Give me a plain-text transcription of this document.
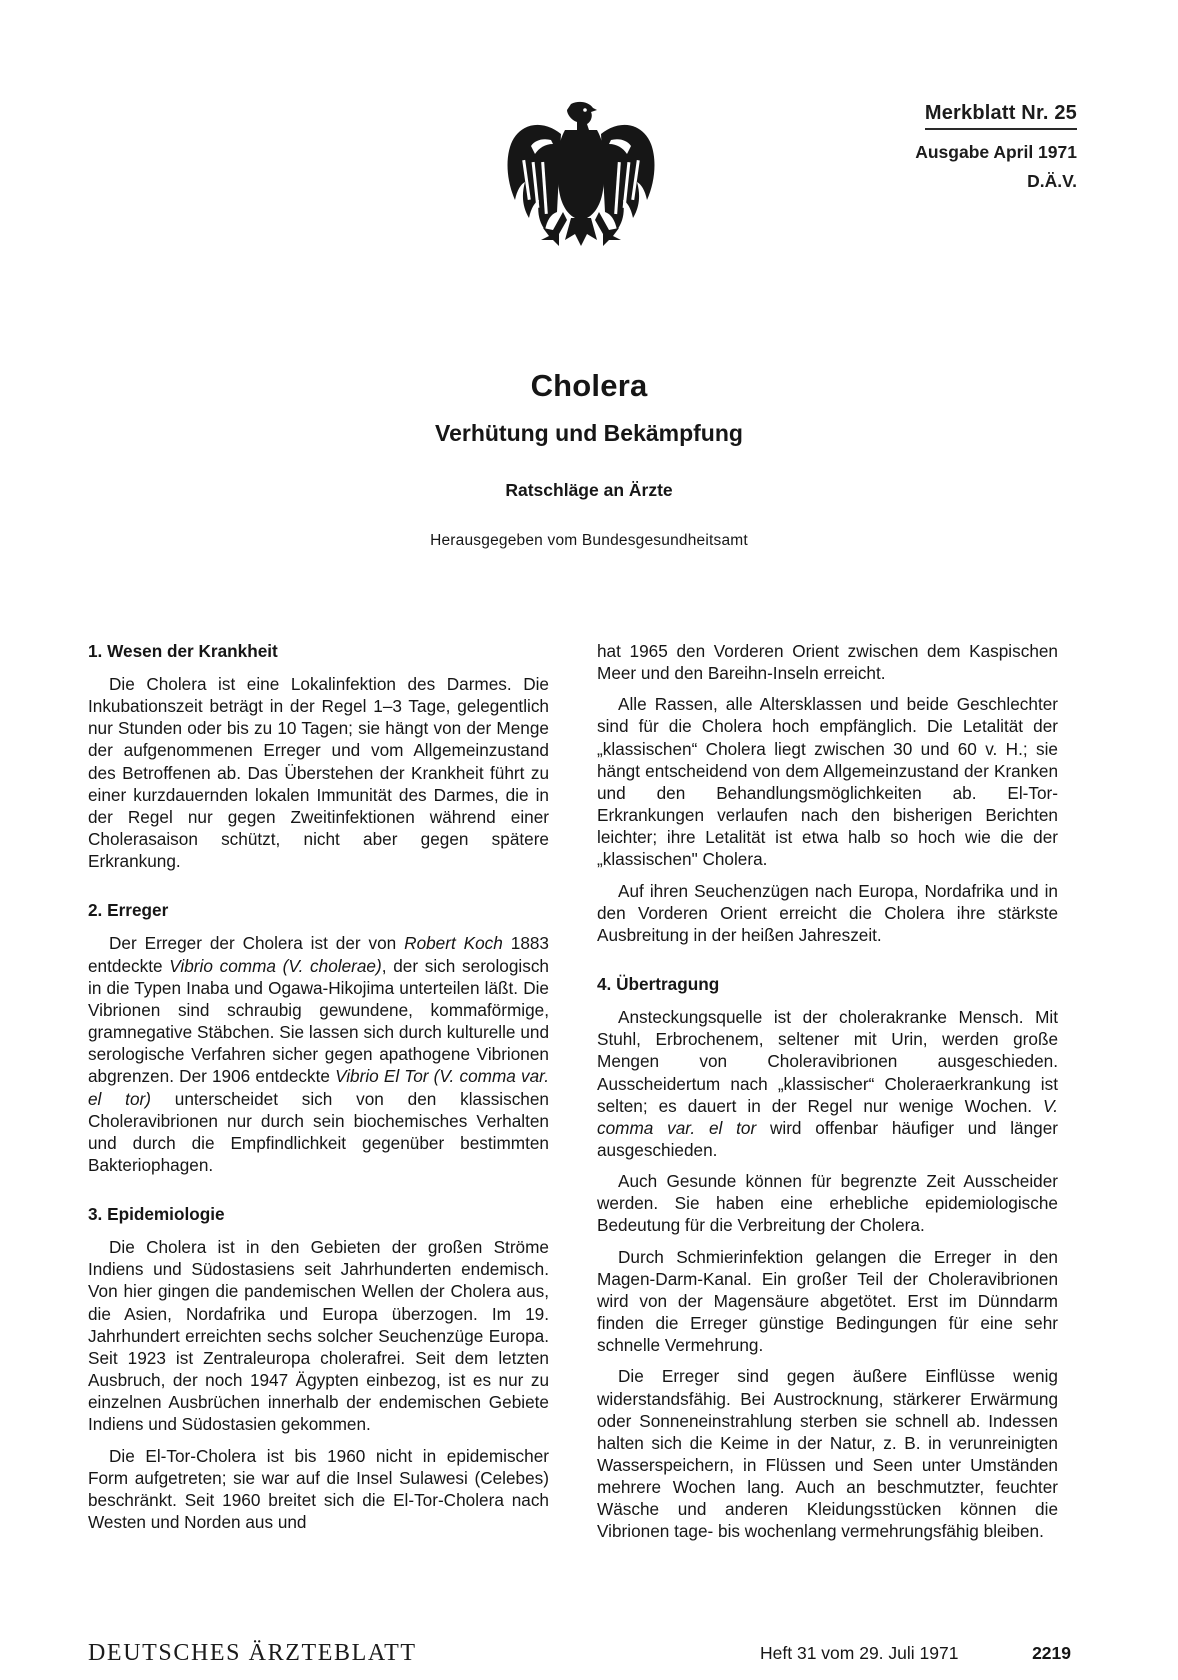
Merkblatt Nr. 25
Ausgabe April 1971
D.Ä.V.
Cholera
Verhütung und Bekämpfung
Ratschläge an Ärzte
Herausgegeben vom Bundesgesundheitsamt
1. Wesen der Krankheit

Die Cholera ist eine Lokalinfektion des Darmes. Die Inkubationszeit beträgt in der Regel 1–3 Tage, gelegentlich nur Stunden oder bis zu 10 Tagen; sie hängt von der Menge der aufgenommenen Erreger und vom Allgemeinzustand des Betroffenen ab. Das Überstehen der Krankheit führt zu einer kurzdauernden lokalen Immunität des Darmes, die in der Regel nur gegen Zweitinfektionen während einer Cholerasaison schützt, nicht aber gegen spätere Erkrankung.

2. Erreger

Der Erreger der Cholera ist der von Robert Koch 1883 entdeckte Vibrio comma (V. cholerae), der sich serologisch in die Typen Inaba und Ogawa-Hikojima unterteilen läßt. Die Vibrionen sind schraubig gewundene, kommaförmige, gramnegative Stäbchen. Sie lassen sich durch kulturelle und serologische Verfahren sicher gegen apathogene Vibrionen abgrenzen. Der 1906 entdeckte Vibrio El Tor (V. comma var. el tor) unterscheidet sich von den klassischen Choleravibrionen nur durch sein biochemisches Verhalten und durch die Empfindlichkeit gegenüber bestimmten Bakteriophagen.

3. Epidemiologie

Die Cholera ist in den Gebieten der großen Ströme Indiens und Südostasiens seit Jahrhunderten endemisch. Von hier gingen die pandemischen Wellen der Cholera aus, die Asien, Nordafrika und Europa überzogen. Im 19. Jahrhundert erreichten sechs solcher Seuchenzüge Europa. Seit 1923 ist Zentraleuropa cholerafrei. Seit dem letzten Ausbruch, der noch 1947 Ägypten einbezog, ist es nur zu einzelnen Ausbrüchen innerhalb der endemischen Gebiete Indiens und Südostasien gekommen.

Die El-Tor-Cholera ist bis 1960 nicht in epidemischer Form aufgetreten; sie war auf die Insel Sulawesi (Celebes) beschränkt. Seit 1960 breitet sich die El-Tor-Cholera nach Westen und Norden aus und

hat 1965 den Vorderen Orient zwischen dem Kaspischen Meer und den Bareihn-Inseln erreicht.

Alle Rassen, alle Altersklassen und beide Geschlechter sind für die Cholera hoch empfänglich. Die Letalität der „klassischen“ Cholera liegt zwischen 30 und 60 v. H.; sie hängt entscheidend von dem Allgemeinzustand der Kranken und den Behandlungsmöglichkeiten ab. El-Tor-Erkrankungen verlaufen nach den bisherigen Berichten leichter; ihre Letalität ist etwa halb so hoch wie die der „klassischen" Cholera.

Auf ihren Seuchenzügen nach Europa, Nordafrika und in den Vorderen Orient erreicht die Cholera ihre stärkste Ausbreitung in der heißen Jahreszeit.

4. Übertragung

Ansteckungsquelle ist der cholerakranke Mensch. Mit Stuhl, Erbrochenem, seltener mit Urin, werden große Mengen von Choleravibrionen ausgeschieden. Ausscheidertum nach „klassischer“ Choleraerkrankung ist selten; es dauert in der Regel nur wenige Wochen. V. comma var. el tor wird offenbar häufiger und länger ausgeschieden.

Auch Gesunde können für begrenzte Zeit Ausscheider werden. Sie haben eine erhebliche epidemiologische Bedeutung für die Verbreitung der Cholera.

Durch Schmierinfektion gelangen die Erreger in den Magen-Darm-Kanal. Ein großer Teil der Choleravibrionen wird von der Magensäure abgetötet. Erst im Dünndarm finden die Erreger günstige Bedingungen für eine sehr schnelle Vermehrung.

Die Erreger sind gegen äußere Einflüsse wenig widerstandsfähig. Bei Austrocknung, stärkerer Erwärmung oder Sonneneinstrahlung sterben sie schnell ab. Indessen halten sich die Keime in der Natur, z. B. in verunreinigten Wasserspeichern, in Flüssen und Seen unter Umständen mehrere Wochen lang. Auch an beschmutzter, feuchter Wäsche und anderen Kleidungsstücken können die Vibrionen tage- bis wochenlang vermehrungsfähig bleiben.

DEUTSCHES ÄRZTEBLATT	Heft 31 vom 29. Juli 1971	2219
